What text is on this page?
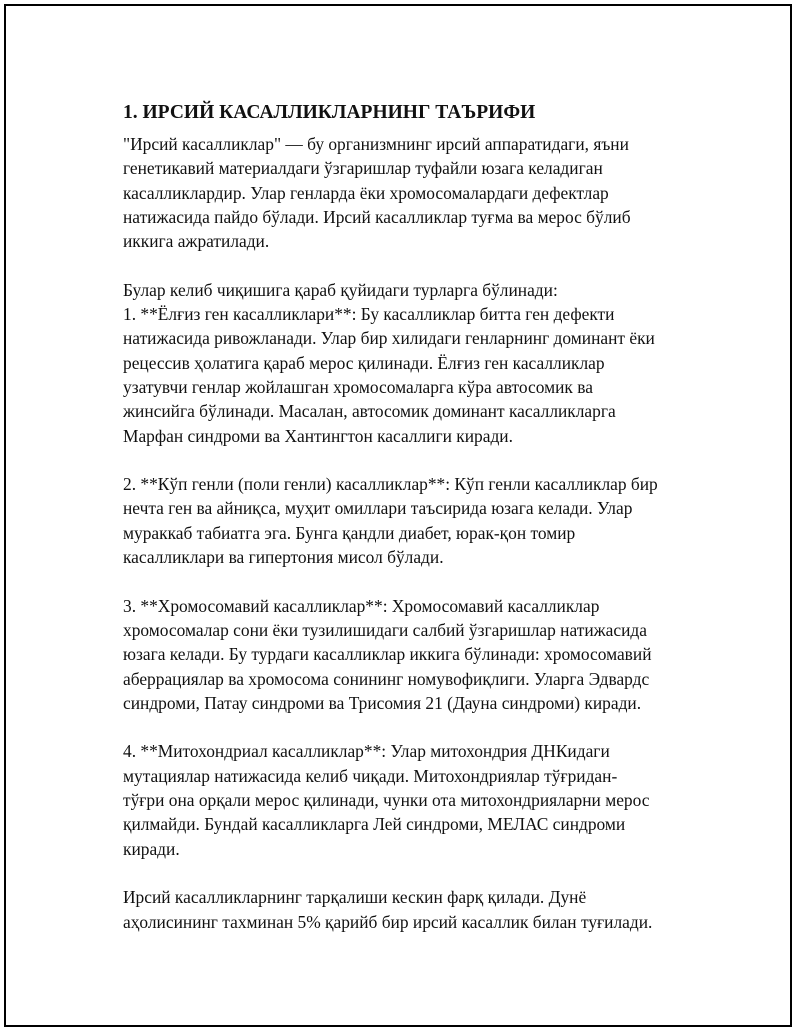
1. ИРСИЙ КАСАЛЛИКЛАРНИНГ ТАЪРИФИ

"Ирсий касалликлар" — бу организмнинг ирсий аппаратидаги, яъни
генетикавий материалдаги ўзгаришлар туфайли юзага келадиган
касалликлардир. Улар генларда ёки хромосомалардаги дефектлар
натижасида пайдо бўлади. Ирсий касалликлар туғма ва мерос бўлиб
иккига ажратилади.

Булар келиб чиқишига қараб қуйидаги турларга бўлинади:
1. **Ёлғиз ген касалликлари**: Бу касалликлар битта ген дефекти
натижасида ривожланади. Улар бир хилидаги генларнинг доминант ёки
рецессив ҳолатига қараб мерос қилинади. Ёлғиз ген касалликлар
узатувчи генлар жойлашган хромосомаларга кўра автосомик ва
жинсийга бўлинади. Масалан, автосомик доминант касалликларга
Марфан синдроми ва Хантингтон касаллиги киради.

2. **Кўп генли (поли генли) касалликлар**: Кўп генли касалликлар бир
нечта ген ва айниқса, муҳит омиллари таъсирида юзага келади. Улар
мураккаб табиатга эга. Бунга қандли диабет, юрак-қон томир
касалликлари ва гипертония мисол бўлади.

3. **Хромосомавий касалликлар**: Хромосомавий касалликлар
хромосомалар сони ёки тузилишидаги салбий ўзгаришлар натижасида
юзага келади. Бу турдаги касалликлар иккига бўлинади: хромосомавий
аберрациялар ва хромосома сонининг номувофиқлиги. Уларга Эдвардс
синдроми, Патау синдроми ва Трисомия 21 (Дауна синдроми) киради.

4. **Митохондриал касалликлар**: Улар митохондрия ДНКидаги
мутациялар натижасида келиб чиқади. Митохондриялар тўғридан-
тўғри она орқали мерос қилинади, чунки ота митохондрияларни мерос
қилмайди. Бундай касалликларга Лей синдроми, МЕЛАС синдроми
киради.

Ирсий касалликларнинг тарқалиши кескин фарқ қилади. Дунё
аҳолисининг тахминан 5% қарийб бир ирсий касаллик билан туғилади.
